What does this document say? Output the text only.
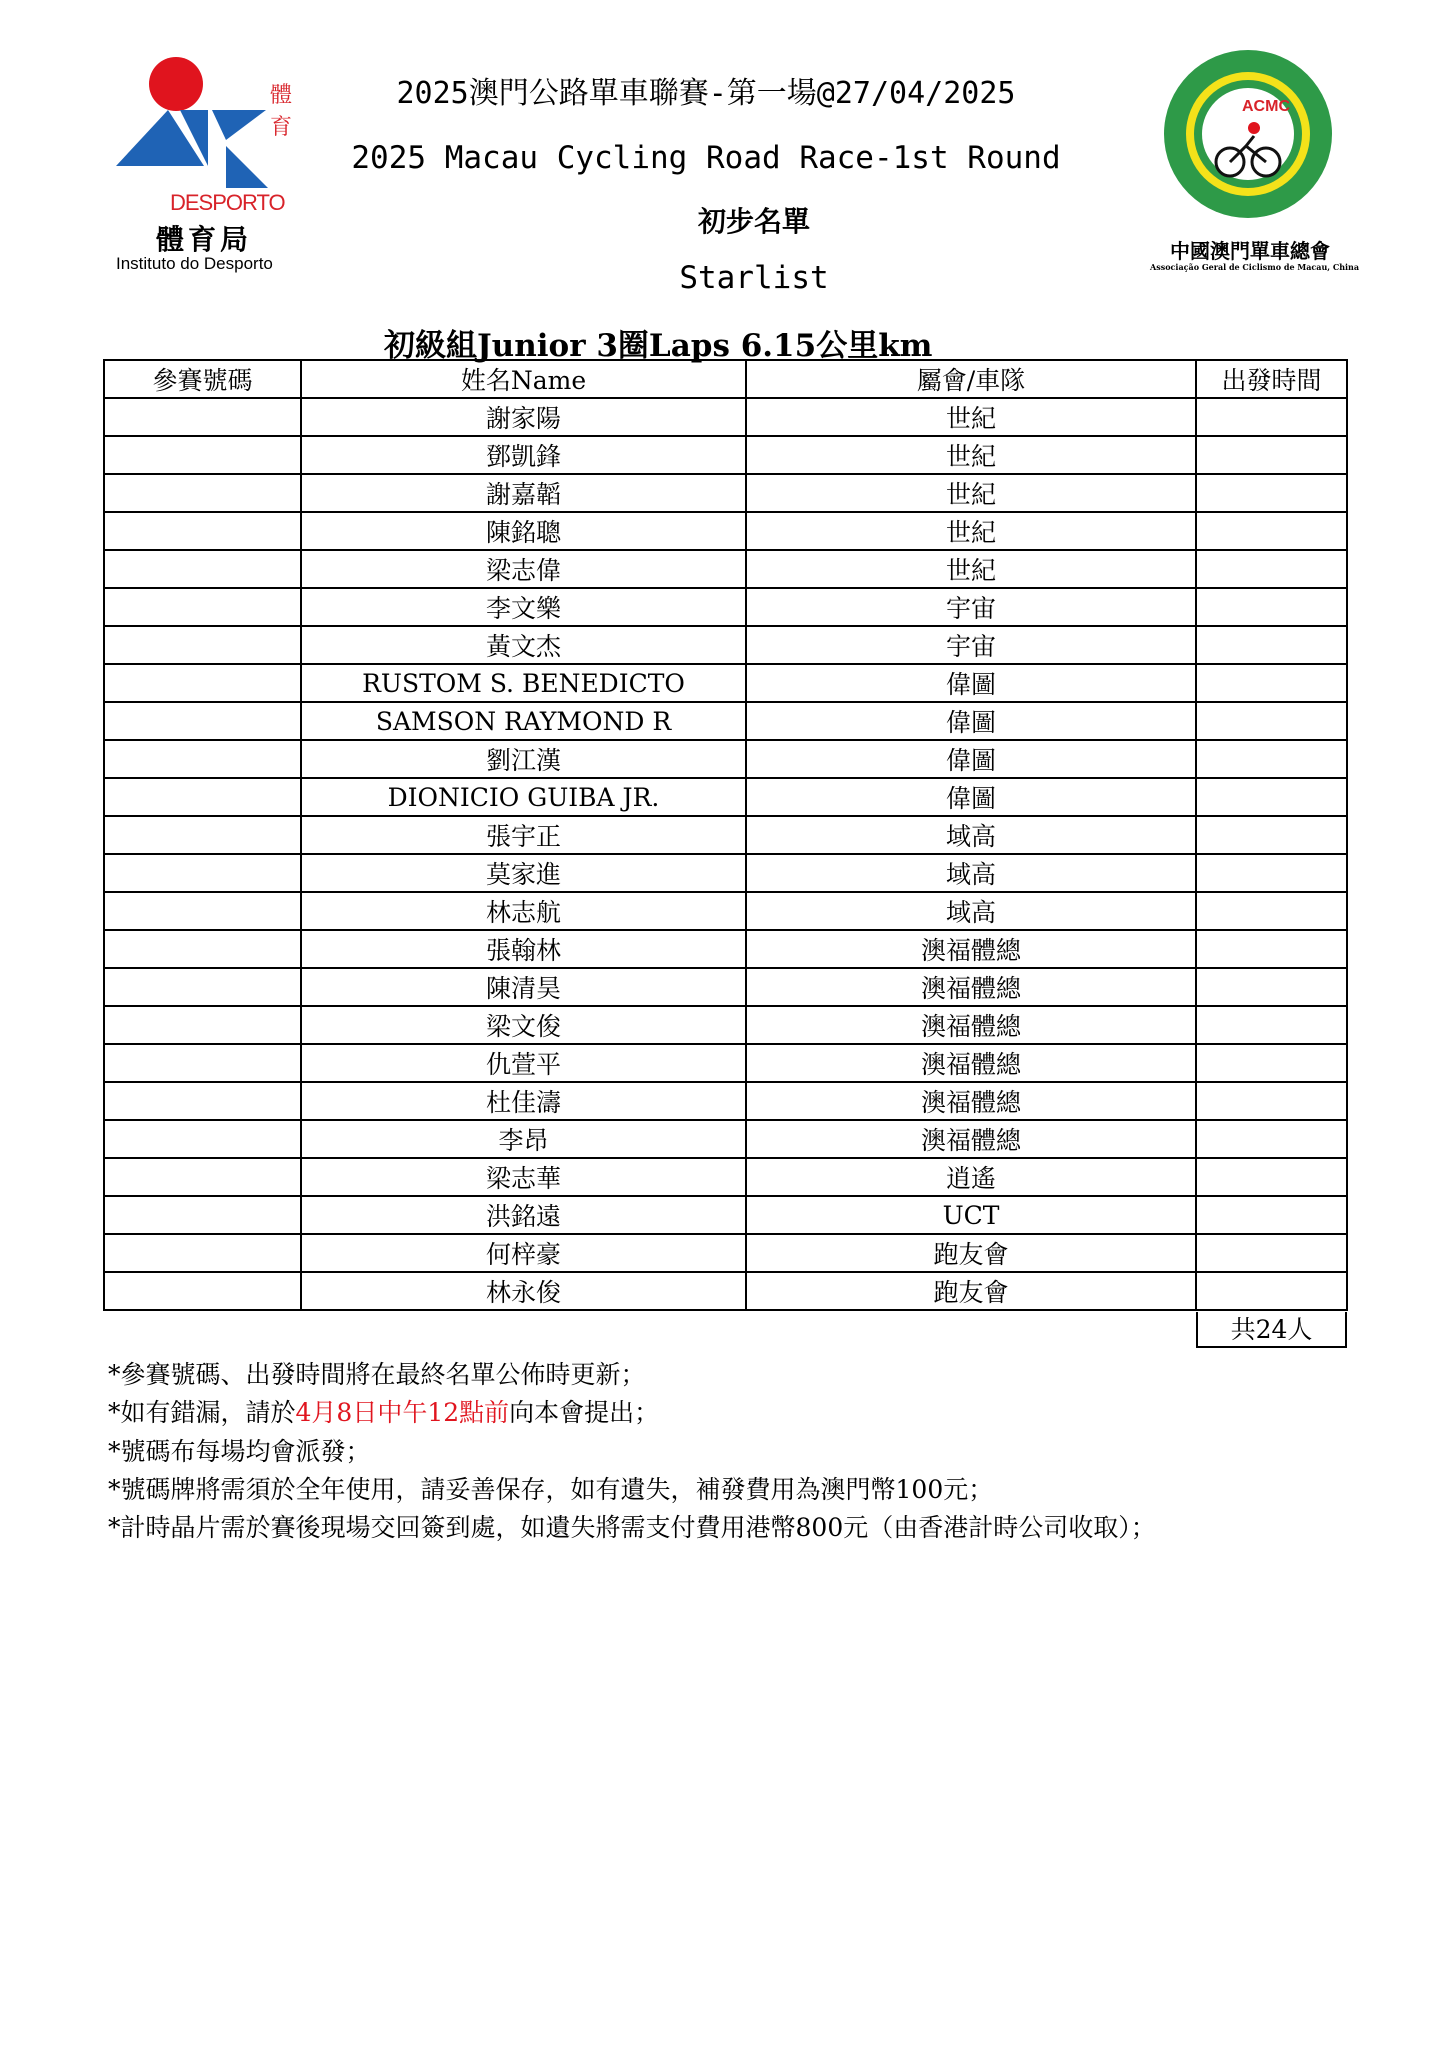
體
育
DESPORTO
體育局
Instituto do Desporto
ACMC
中國澳門單車總會
Associação Geral de Ciclismo de Macau, China
2025澳門公路單車聯賽-第一場@27/04/2025
2025 Macau Cycling Road Race-1st Round
初步名單
Starlist
初級組Junior 3圈Laps 6.15公里km
參賽號碼	姓名Name	屬會/車隊	出發時間
	謝家陽	世紀	
	鄧凱鋒	世紀	
	謝嘉韜	世紀	
	陳銘聰	世紀	
	梁志偉	世紀	
	李文樂	宇宙	
	黃文杰	宇宙	
	RUSTOM S. BENEDICTO	偉圖	
	SAMSON RAYMOND R	偉圖	
	劉江漢	偉圖	
	DIONICIO GUIBA JR.	偉圖	
	張宇正	域高	
	莫家進	域高	
	林志航	域高	
	張翰林	澳福體總	
	陳清昊	澳福體總	
	梁文俊	澳福體總	
	仇萱平	澳福體總	
	杜佳濤	澳福體總	
	李昂	澳福體總	
	梁志華	逍遙	
	洪銘遠	UCT	
	何梓豪	跑友會	
	林永俊	跑友會	
共24人
*參賽號碼、出發時間將在最終名單公佈時更新；
*如有錯漏，請於4月8日中午12點前向本會提出；
*號碼布每場均會派發；
*號碼牌將需須於全年使用，請妥善保存，如有遺失，補發費用為澳門幣100元；
*計時晶片需於賽後現場交回簽到處，如遺失將需支付費用港幣800元（由香港計時公司收取）；
